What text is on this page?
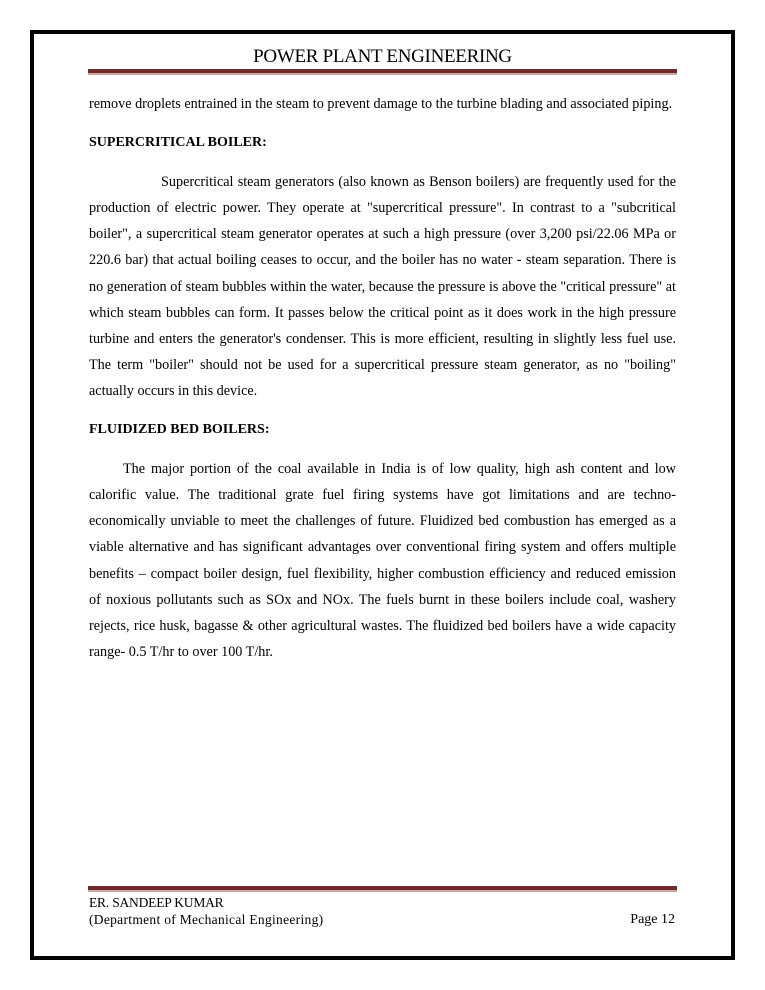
POWER PLANT ENGINEERING

remove droplets entrained in the steam to prevent damage to the turbine blading and associated piping.

SUPERCRITICAL BOILER:

Supercritical steam generators (also known as Benson boilers) are frequently used for the production of electric power. They operate at "supercritical pressure". In contrast to a "subcritical boiler", a supercritical steam generator operates at such a high pressure (over 3,200 psi/22.06 MPa or 220.6 bar) that actual boiling ceases to occur, and the boiler has no water - steam separation. There is no generation of steam bubbles within the water, because the pressure is above the "critical pressure" at which steam bubbles can form. It passes below the critical point as it does work in the high pressure turbine and enters the generator's condenser. This is more efficient, resulting in slightly less fuel use. The term "boiler" should not be used for a supercritical pressure steam generator, as no "boiling" actually occurs in this device.

FLUIDIZED BED BOILERS:

The major portion of the coal available in India is of low quality, high ash content and low calorific value. The traditional grate fuel firing systems have got limitations and are techno-economically unviable to meet the challenges of future. Fluidized bed combustion has emerged as a viable alternative and has significant advantages over conventional firing system and offers multiple benefits – compact boiler design, fuel flexibility, higher combustion efficiency and reduced emission of noxious pollutants such as SOx and NOx. The fuels burnt in these boilers include coal, washery rejects, rice husk, bagasse & other agricultural wastes. The fluidized bed boilers have a wide capacity range- 0.5 T/hr to over 100 T/hr.

ER. SANDEEP KUMAR
(Department of Mechanical Engineering)	Page 12
